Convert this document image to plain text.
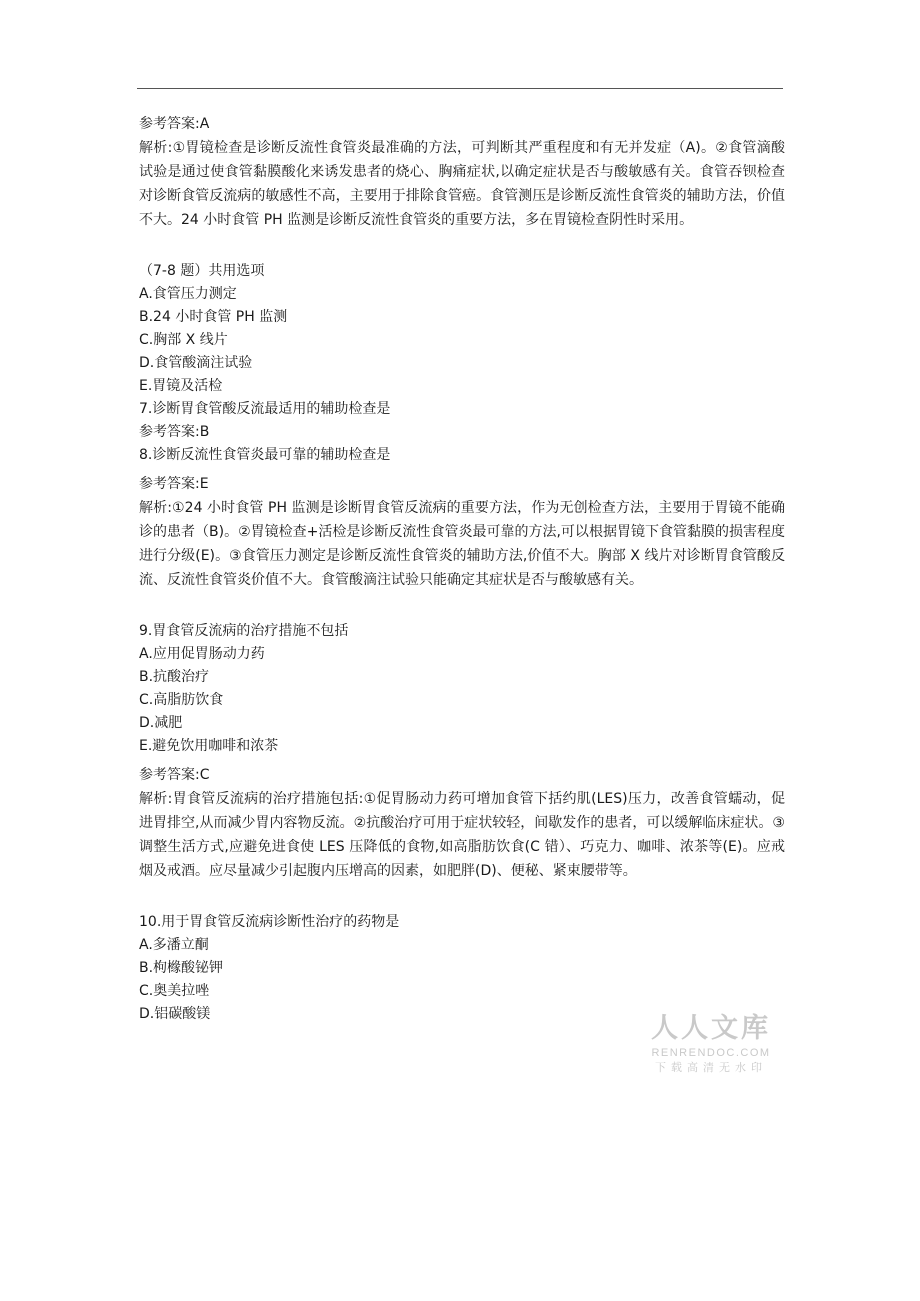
参考答案:A

解析:①胃镜检查是诊断反流性食管炎最准确的方法，可判断其严重程度和有无并发症（A)。②食管滴酸试验是通过使食管黏膜酸化来诱发患者的烧心、胸痛症状,以确定症状是否与酸敏感有关。食管吞钡检查对诊断食管反流病的敏感性不高，主要用于排除食管癌。食管测压是诊断反流性食管炎的辅助方法，价值不大。24 小时食管 PH 监测是诊断反流性食管炎的重要方法，多在胃镜检查阴性时采用。

（7-8 题）共用选项

A.食管压力测定

B.24 小时食管 PH 监测

C.胸部 X 线片

D.食管酸滴注试验

E.胃镜及活检

7.诊断胃食管酸反流最适用的辅助检查是

参考答案:B

8.诊断反流性食管炎最可靠的辅助检查是

参考答案:E

解析:①24 小时食管 PH 监测是诊断胃食管反流病的重要方法，作为无创检查方法，主要用于胃镜不能确诊的患者（B)。②胃镜检查+活检是诊断反流性食管炎最可靠的方法,可以根据胃镜下食管黏膜的损害程度进行分级(E)。③食管压力测定是诊断反流性食管炎的辅助方法,价值不大。胸部 X 线片对诊断胃食管酸反流、反流性食管炎价值不大。食管酸滴注试验只能确定其症状是否与酸敏感有关。

9.胃食管反流病的治疗措施不包括

A.应用促胃肠动力药

B.抗酸治疗

C.高脂肪饮食

D.减肥

E.避免饮用咖啡和浓茶

参考答案:C

解析:胃食管反流病的治疗措施包括:①促胃肠动力药可增加食管下括约肌(LES)压力，改善食管蠕动，促进胃排空,从而减少胃内容物反流。②抗酸治疗可用于症状较轻，间歇发作的患者，可以缓解临床症状。③调整生活方式,应避免进食使 LES 压降低的食物,如高脂肪饮食(C 错）、巧克力、咖啡、浓茶等(E)。应戒烟及戒酒。应尽量减少引起腹内压增高的因素，如肥胖(D)、便秘、紧束腰带等。

10.用于胃食管反流病诊断性治疗的药物是

A.多潘立酮

B.枸橼酸铋钾

C.奥美拉唑

D.铝碳酸镁	人人文库
RENRENDOC.COM
下载高清无水印
